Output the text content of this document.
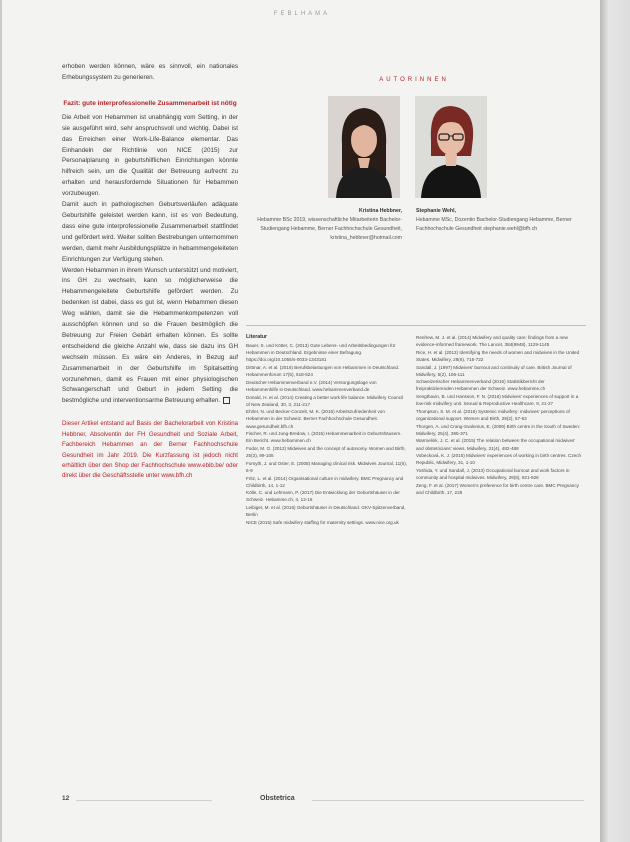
FEBLHAMA

erhoben werden können, wäre es sinnvoll, ein nationales Erhebungssystem zu generieren.

Fazit: gute interprofessionelle Zusammenarbeit ist nötig

Die Arbeit von Hebammen ist unabhängig vom Setting, in der sie ausgeführt wird, sehr anspruchsvoll und wichtig. Dabei ist das Erreichen einer Work-Life-Balance elementar. Das Einhandeln der Richtlinie von NICE (2015) zur Personalplanung in geburtshilflichen Einrichtungen könnte hilfreich sein, um die Qualität der Betreuung aufrecht zu erhalten und herausfordernde Situationen für Hebammen vorzubeugen.

Damit auch in pathologischen Geburtsverläufen adäquate Geburtshilfe geleistet werden kann, ist es von Bedeutung, dass eine gute interprofessionelle Zusammenarbeit stattfindet und gefördert wird. Weiter sollten Bestrebungen unternommen werden, damit mehr Ausbildungsplätze in hebammengeleiteten Einrichtungen zur Verfügung stehen.

Werden Hebammen in ihrem Wunsch unterstützt und motiviert, ins GH zu wechseln, kann so möglicherweise die Hebammengeleitete Geburtshilfe gefördert werden. Zu bedenken ist dabei, dass es gut ist, wenn Hebammen diesen Weg wählen, damit sie die Hebammenkompetenzen voll ausschöpfen können und so die Frauen bestmöglich die Betreuung zur Freien Gebärt erhalten können. Es sollte entscheidend die gleiche Anzahl wie, dass sie dazu ins GH wechseln müssen. Es wäre ein Anderes, in Bezug auf Zusammenarbeit in der Geburtshilfe im Spitalsetting vorzunehmen, damit es Frauen mit einer physiologischen Schwangerschaft und Geburt in jedem Setting die bestmögliche und interventionsarme Betreuung erhalten.

Dieser Artikel entstand auf Basis der Bachelorarbeit von Kristina Hebbner, Absolventin der FH Gesundheit und Soziale Arbeit, Fachbereich Hebammen an der Berner Fachhochschule Gesundheit im Jahr 2019. Die Kurzfassung ist jedoch nicht erhältlich über den Shop der Fachhochschule www.ebib.be/ oder direkt über die Geschäftsstelle unter www.bfh.ch

AUTORINNEN
Kristina Hebbner,
Hebamme BSc 2019, wissenschaftliche Mitarbeiterin Bachelor-Studiengang Hebamme, Berner Fachhochschule Gesundheit, kristina_hebbner@hotmail.com
Stephanie Wehl,
Hebamme MSc, Dozentin Bachelor-Studiengang Hebamme, Berner Fachhochschule Gesundheit stephanie.wehl@bfh.ch
Literatur
Bauer, S. und Kötter, C. (2013) Gute Lebens- und Arbeitsbedingungen für Hebammen in Deutschland. Ergebnisse einer Befragung. https://doi.org/10.1055/s-0033-1343181
Dittmar, A. et al. (2016) Berufsbelastungen von Hebammen in Deutschland. Hebammenforum 17(5), 518-524
Deutscher Hebammenverband e.V. (2014) Versorgungslage von Hebammenhilfe in Deutschland. www.hebammenverband.de
Donald, H. et al. (2014) Creating a better work life balance. Midwifery Council of New Zealand, 30, 3, 211-217
Ehrler, N. und Becker-Conzelt, M. K. (2016) Arbeitszufriedenheit von Hebammen in der Schweiz. Berner Fachhochschule Gesundheit. www.gesundheit.bfh.ch
Fischer, R. und Jung-Bredow, I. (2015) Hebammenarbeit in Geburtshäusern. Ein Bericht. www.hebammen.ch
Fodor, M. G. (2012) Midwives and the concept of autonomy. Women and Birth, 25(3), 99-105
Forsyth, J. und Oster, E. (2008) Managing clinical risk. Midwives Journal, 11(6), 6-9
Fritz, L. et al. (2014) Organisational culture in midwifery. BMC Pregnancy and Childbirth, 14, 1-12
Kölle, C. und Lehmann, P. (2017) Die Entwicklung der Geburtshäuser in der Schweiz. Hebamme.ch, 4, 12-16
Leibiger, M. et al. (2016) Geburtshäuser in Deutschland. GKV-Spitzenverband, Berlin
NICE (2015) Safe midwifery staffing for maternity settings. www.nice.org.uk
Renfrew, M. J. et al. (2014) Midwifery and quality care: findings from a new evidence-informed framework. The Lancet, 384(9948), 1129-1145
Rice, H. et al. (2012) Identifying the needs of women and midwives in the United States. Midwifery, 28(6), 715-722
Sandall, J. (1997) Midwives' burnout and continuity of care. British Journal of Midwifery, 5(2), 106-111
Schweizerischer Hebammenverband (2016) Statistikbericht der freipraktizierenden Hebammen der Schweiz. www.hebamme.ch
Sengthavin, B. und Hansson, F. N. (2016) Midwives' experiences of support in a low-risk midwifery unit. Sexual & Reproductive Healthcare, 9, 21-27
Thompson, S. M. et al. (2016) Systemic midwifery: midwives' perceptions of organizational support. Women and Birth, 29(2), 57-63
Thorgen, A. und Crang-Svalenius, E. (2009) Birth centre in the South of Sweden: Midwifery, 25(4), 365-371
Warmelink, J. C. et al. (2015) The relation between the occupational midwives' and obstetricians' views. Midwifery, 31(4), 482-488
Vobecková, K. J. (2015) Midwives' experiences of working in birth centres. Czech Republic, Midwifery, 31, 1-10
Yoshida, Y. und Sandall, J. (2013) Occupational burnout and work factors in community and hospital midwives. Midwifery, 29(8), 921-926
Zeng, F. et al. (2017) Women's preference for birth centre care. BMC Pregnancy and Childbirth, 17, 228
12	Obstetrica
